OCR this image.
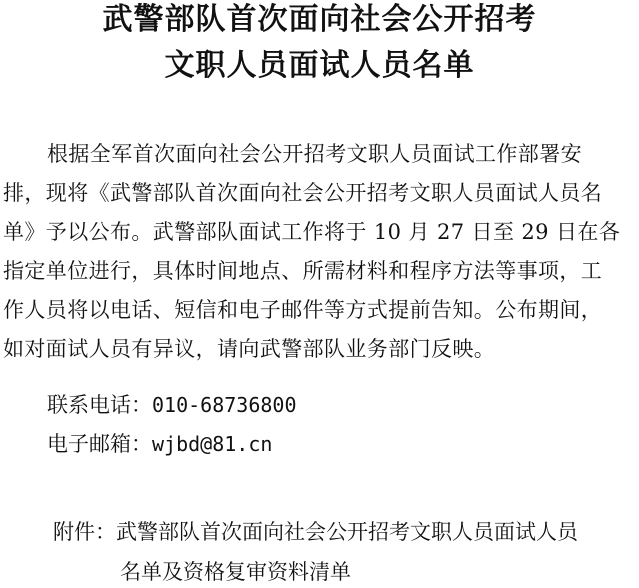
武警部队首次面向社会公开招考
文职人员面试人员名单
根据全军首次面向社会公开招考文职人员面试工作部署安
排，现将《武警部队首次面向社会公开招考文职人员面试人员名
单》予以公布。武警部队面试工作将于 10 月 27 日至 29 日在各
指定单位进行，具体时间地点、所需材料和程序方法等事项，工
作人员将以电话、短信和电子邮件等方式提前告知。公布期间，
如对面试人员有异议，请向武警部队业务部门反映。
联系电话：010-68736800
电子邮箱：wjbd@81.cn
附件：武警部队首次面向社会公开招考文职人员面试人员
名单及资格复审资料清单
